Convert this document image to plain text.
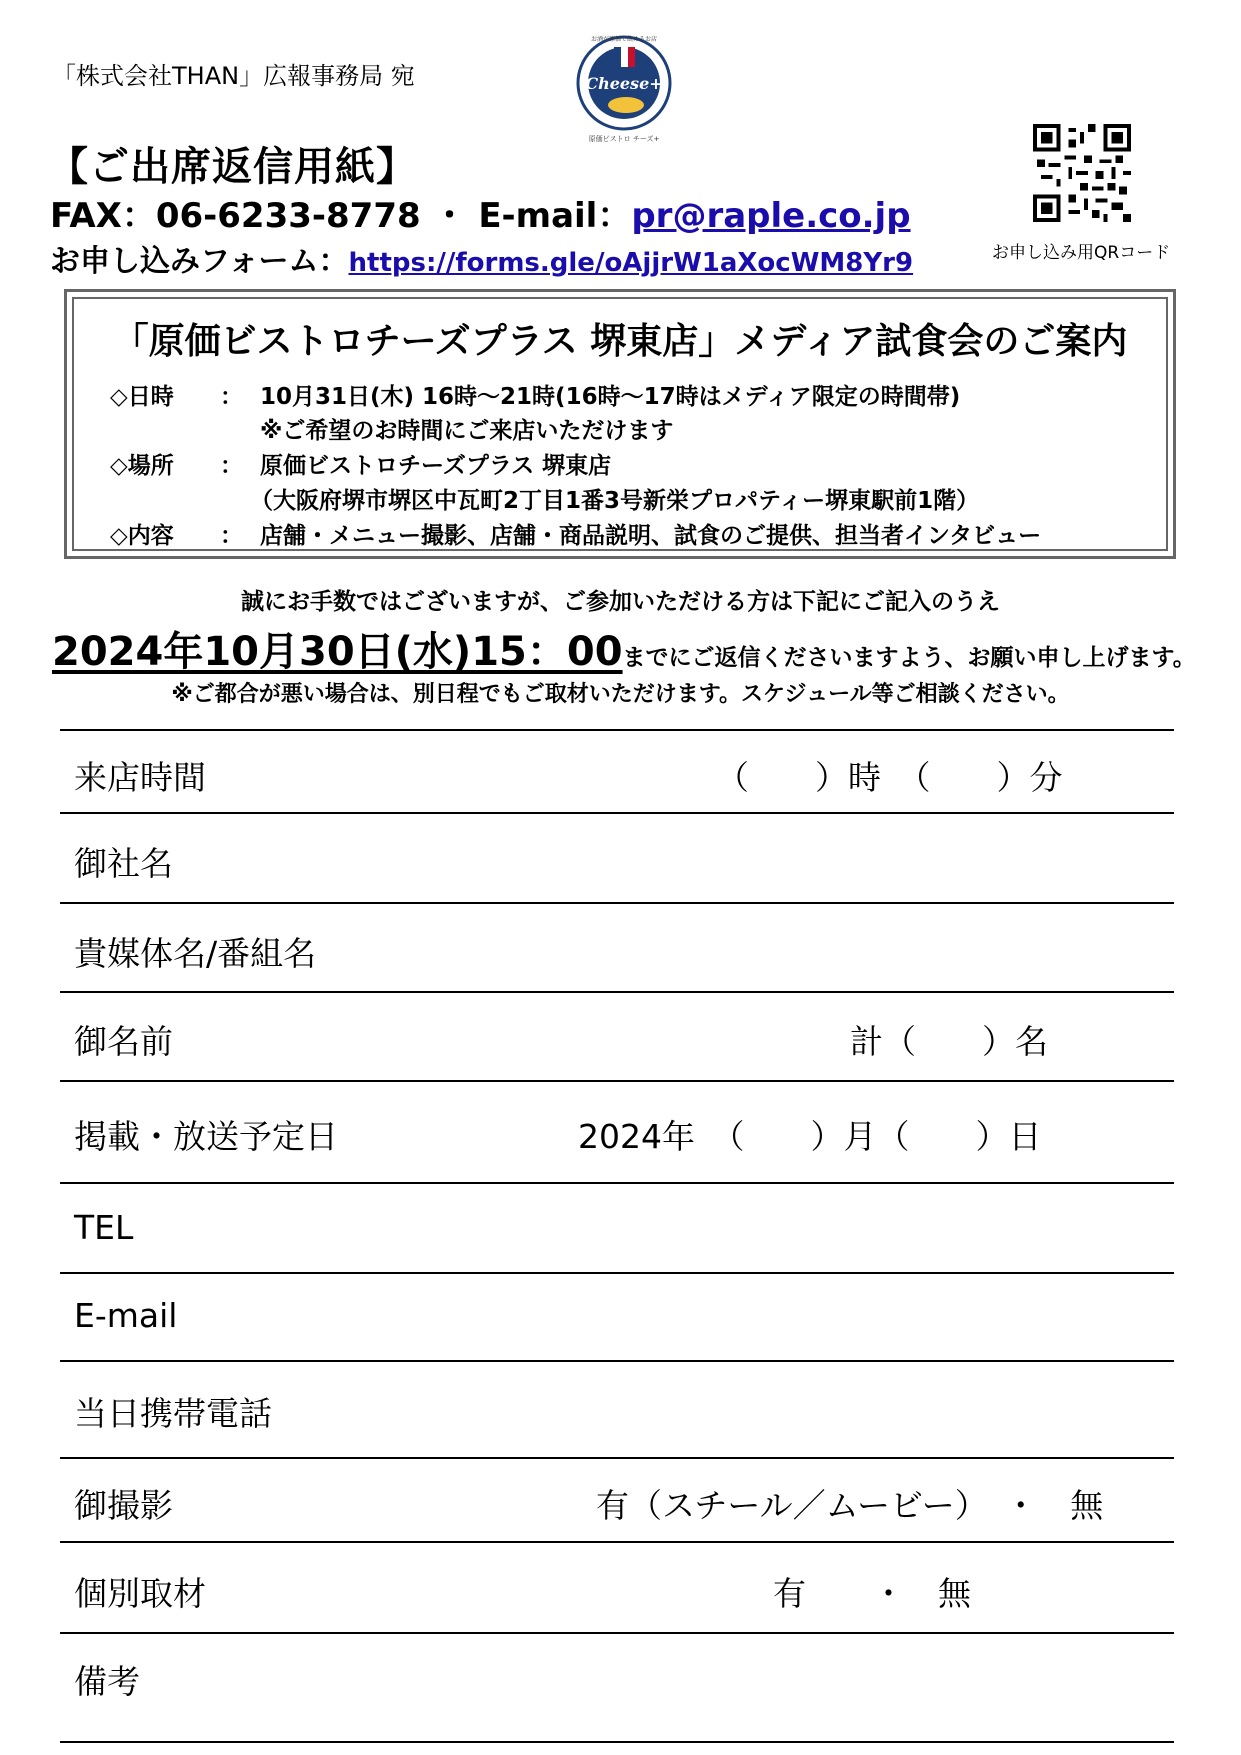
「株式会社THAN」広報事務局 宛	Cheese+
原価ビストロ チーズ+
お酒が原価で飲めるお店
【ご出席返信用紙】
FAX：06-6233-8778 ・ E-mail：pr@raple.co.jp
お申し込みフォーム：https://forms.gle/oAjjrW1aXocWM8Yr9	お申し込み用QRコード
「原価ビストロチーズプラス 堺東店」メディア試食会のご案内
◇日時 ： 10月31日(木) 16時～21時(16時～17時はメディア限定の時間帯)
※ご希望のお時間にご来店いただけます
◇場所 ： 原価ビストロチーズプラス 堺東店
（大阪府堺市堺区中瓦町2丁目1番3号新栄プロパティー堺東駅前1階）
◇内容 ： 店舗・メニュー撮影、店舗・商品説明、試食のご提供、担当者インタビュー
誠にお手数ではございますが、ご参加いただける方は下記にご記入のうえ
2024年10月30日(水)15：00までにご返信くださいますよう、お願い申し上げます。
※ご都合が悪い場合は、別日程でもご取材いただけます。スケジュール等ご相談ください。
来店時間	（　　）時　（　　）分
御社名
貴媒体名/番組名
御名前	計（　　）名
掲載・放送予定日	2024年　（　　）月（　　）日
TEL
E-mail
当日携帯電話
御撮影	有（スチール／ムービー）　・　無
個別取材	有　　・　無
備考
